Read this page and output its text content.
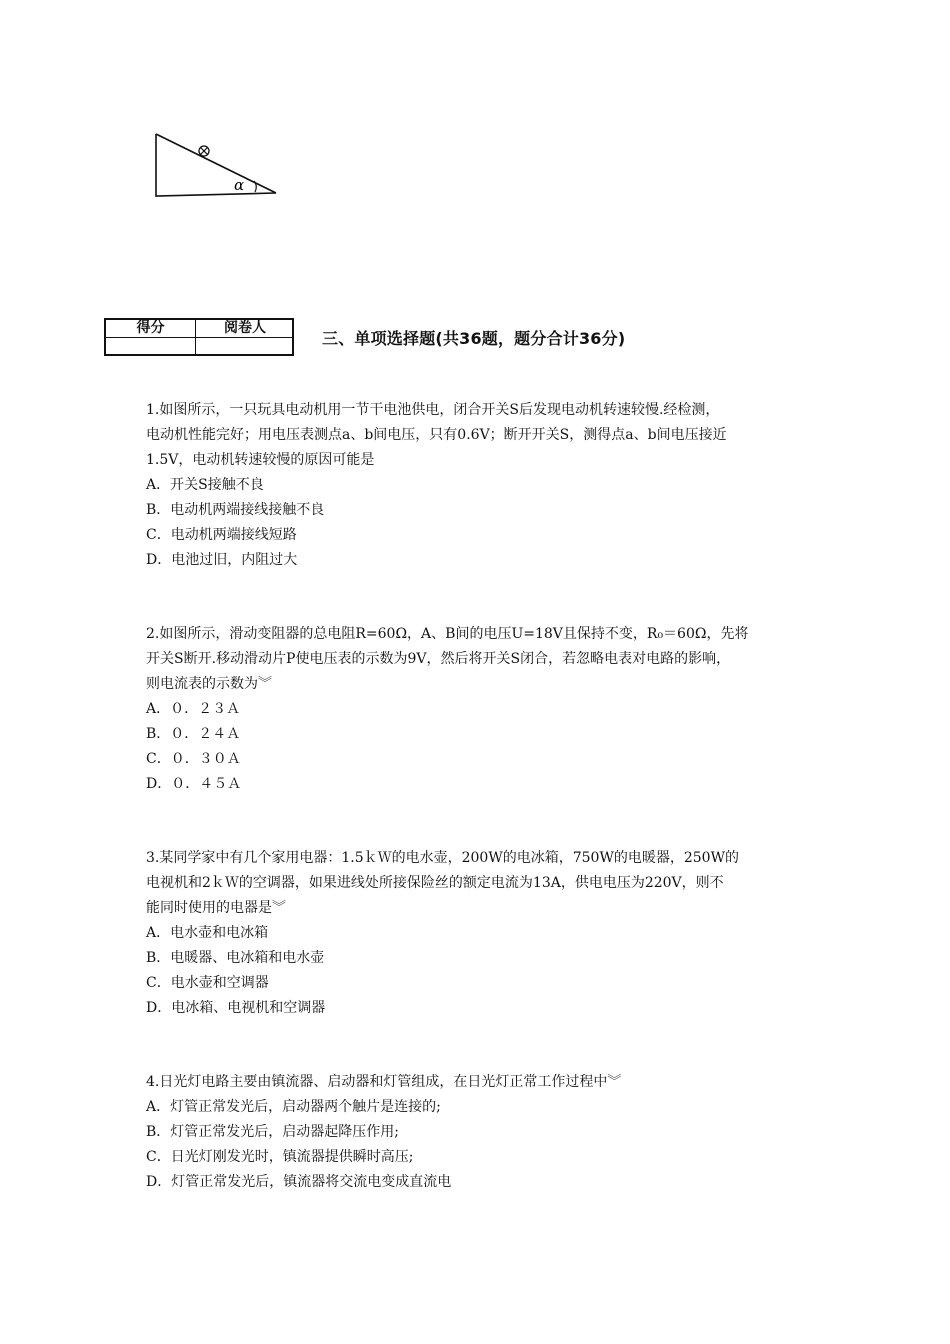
α
得分	阅卷人
三、单项选择题(共36题，题分合计36分)

1.如图所示，一只玩具电动机用一节干电池供电，闭合开关S后发现电动机转速较慢.经检测，

电动机性能完好；用电压表测点a、b间电压，只有0.6V；断开开关S，测得点a、b间电压接近

1.5V，电动机转速较慢的原因可能是

A．开关S接触不良

B．电动机两端接线接触不良

C．电动机两端接线短路

D．电池过旧，内阻过大

2.如图所示，滑动变阻器的总电阻R=60Ω，A、B间的电压U=18V且保持不变，R₀＝60Ω，先将

开关S断开.移动滑动片P使电压表的示数为9V，然后将开关S闭合，若忽略电表对电路的影响，

则电流表的示数为︾

A．０．２３Ａ

B．０．２４Ａ

C．０．３０Ａ

D．０．４５Ａ

3.某同学家中有几个家用电器：1.5ｋＷ的电水壶，200W的电冰箱，750W的电暖器，250W的

电视机和2ｋＷ的空调器，如果进线处所接保险丝的额定电流为13A，供电电压为220V，则不

能同时使用的电器是︾

A．电水壶和电冰箱

B．电暖器、电冰箱和电水壶

C．电水壶和空调器

D．电冰箱、电视机和空调器

4.日光灯电路主要由镇流器、启动器和灯管组成，在日光灯正常工作过程中︾

A．灯管正常发光后，启动器两个触片是连接的;

B．灯管正常发光后，启动器起降压作用;

C．日光灯刚发光时，镇流器提供瞬时高压;

D．灯管正常发光后，镇流器将交流电变成直流电
